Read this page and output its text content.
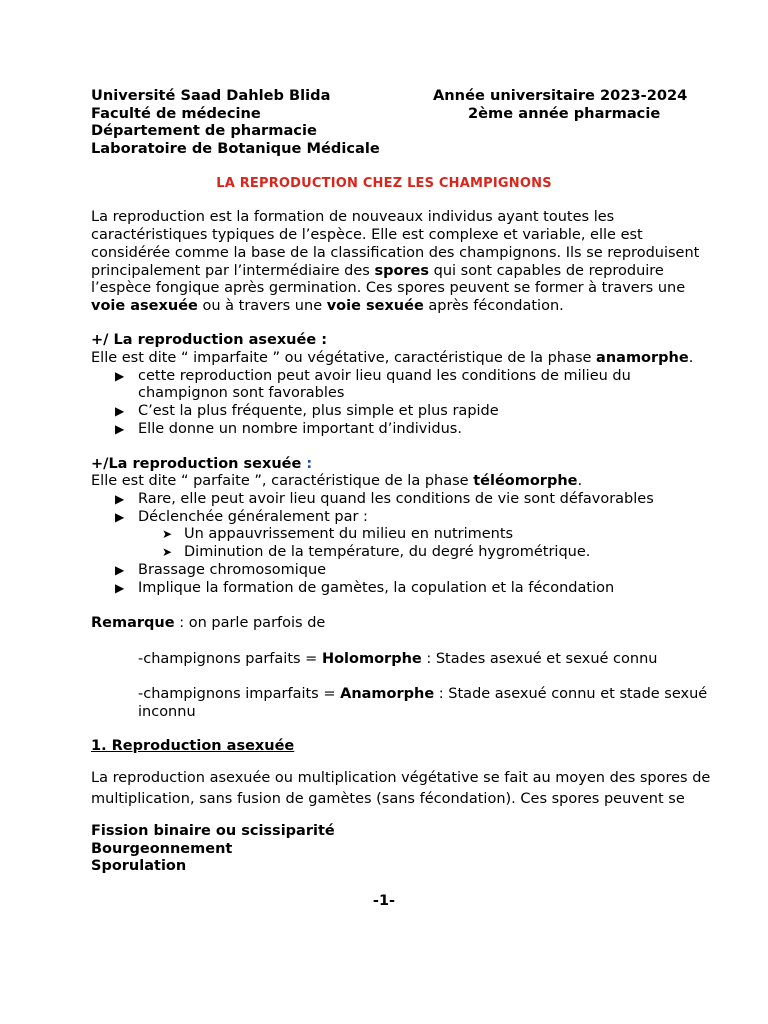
Université Saad Dahleb Blida
Faculté de médecine
Département de pharmacie
Laboratoire de Botanique Médicale
Année universitaire 2023-2024
2ème année pharmacie
LA REPRODUCTION CHEZ LES CHAMPIGNONS
La reproduction est la formation de nouveaux individus ayant toutes les
caractéristiques typiques de l’espèce. Elle est complexe et variable, elle est
considérée comme la base de la classification des champignons. Ils se reproduisent
principalement par l’intermédiaire des spores qui sont capables de reproduire
l’espèce fongique après germination. Ces spores peuvent se former à travers une
voie asexuée ou à travers une voie sexuée après fécondation.
+/ La reproduction asexuée :
Elle est dite “ imparfaite ” ou végétative, caractéristique de la phase anamorphe.
▶ cette reproduction peut avoir lieu quand les conditions de milieu du
champignon sont favorables
▶ C’est la plus fréquente, plus simple et plus rapide
▶ Elle donne un nombre important d’individus.
+/La reproduction sexuée :
Elle est dite “ parfaite ”, caractéristique de la phase téléomorphe.
▶ Rare, elle peut avoir lieu quand les conditions de vie sont défavorables
▶ Déclenchée généralement par :
➤ Un appauvrissement du milieu en nutriments
➤ Diminution de la température, du degré hygrométrique.
▶ Brassage chromosomique
▶ Implique la formation de gamètes, la copulation et la fécondation
Remarque : on parle parfois de
-champignons parfaits = Holomorphe : Stades asexué et sexué connu
-champignons imparfaits = Anamorphe : Stade asexué connu et stade sexué
inconnu
1. Reproduction asexuée
La reproduction asexuée ou multiplication végétative se fait au moyen des spores de
multiplication, sans fusion de gamètes (sans fécondation). Ces spores peuvent se
Fission binaire ou scissiparité
Bourgeonnement
Sporulation
-1-
